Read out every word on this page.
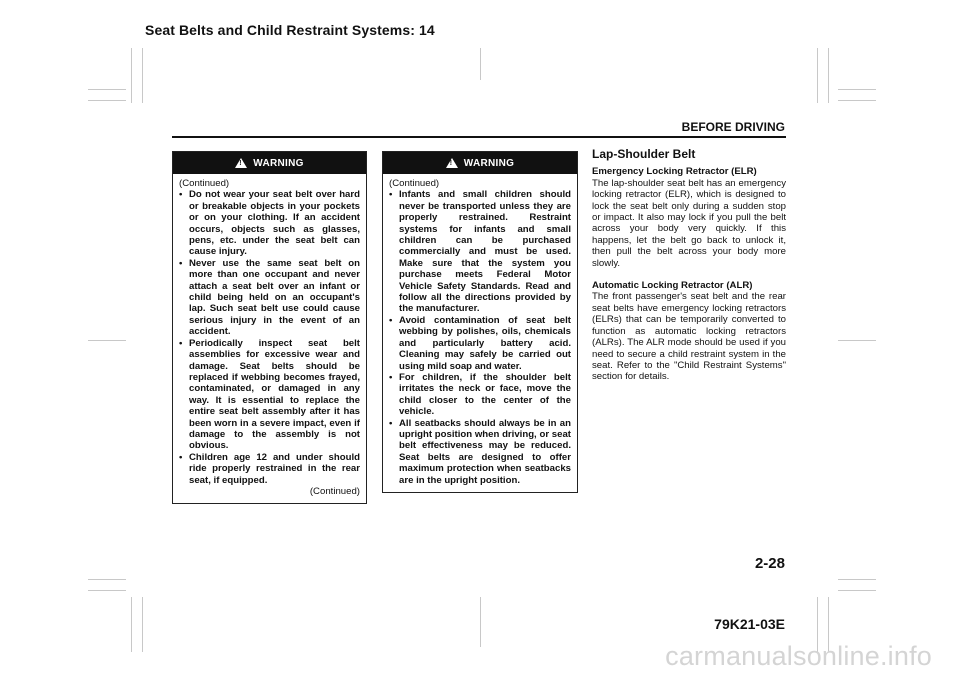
Seat Belts and Child Restraint Systems: 14
BEFORE DRIVING
!
WARNING
(Continued)
• Do not wear your seat belt over hard or breakable objects in your pockets or on your clothing. If an accident occurs, objects such as glasses, pens, etc. under the seat belt can cause injury.
• Never use the same seat belt on more than one occupant and never attach a seat belt over an infant or child being held on an occupant's lap. Such seat belt use could cause serious injury in the event of an accident.
• Periodically inspect seat belt assemblies for excessive wear and damage. Seat belts should be replaced if webbing becomes frayed, contaminated, or damaged in any way. It is essential to replace the entire seat belt assembly after it has been worn in a severe impact, even if damage to the assembly is not obvious.
• Children age 12 and under should ride properly restrained in the rear seat, if equipped.
(Continued)
!
WARNING
(Continued)
• Infants and small children should never be transported unless they are properly restrained. Restraint systems for infants and small children can be purchased commercially and must be used. Make sure that the system you purchase meets Federal Motor Vehicle Safety Standards. Read and follow all the directions provided by the manufacturer.
• Avoid contamination of seat belt webbing by polishes, oils, chemicals and particularly battery acid. Cleaning may safely be carried out using mild soap and water.
• For children, if the shoulder belt irritates the neck or face, move the child closer to the center of the vehicle.
• All seatbacks should always be in an upright position when driving, or seat belt effectiveness may be reduced. Seat belts are designed to offer maximum protection when seatbacks are in the upright position.
Lap-Shoulder Belt
Emergency Locking Retractor (ELR)

The lap-shoulder seat belt has an emergency locking retractor (ELR), which is designed to lock the seat belt only during a sudden stop or impact. It also may lock if you pull the belt across your body very quickly. If this happens, let the belt go back to unlock it, then pull the belt across your body more slowly.

Automatic Locking Retractor (ALR)

The front passenger's seat belt and the rear seat belts have emergency locking retractors (ELRs) that can be temporarily converted to function as automatic locking retractors (ALRs). The ALR mode should be used if you need to secure a child restraint system in the seat. Refer to the "Child Restraint Systems" section for details.

2-28
79K21-03E
carmanualsonline.info
